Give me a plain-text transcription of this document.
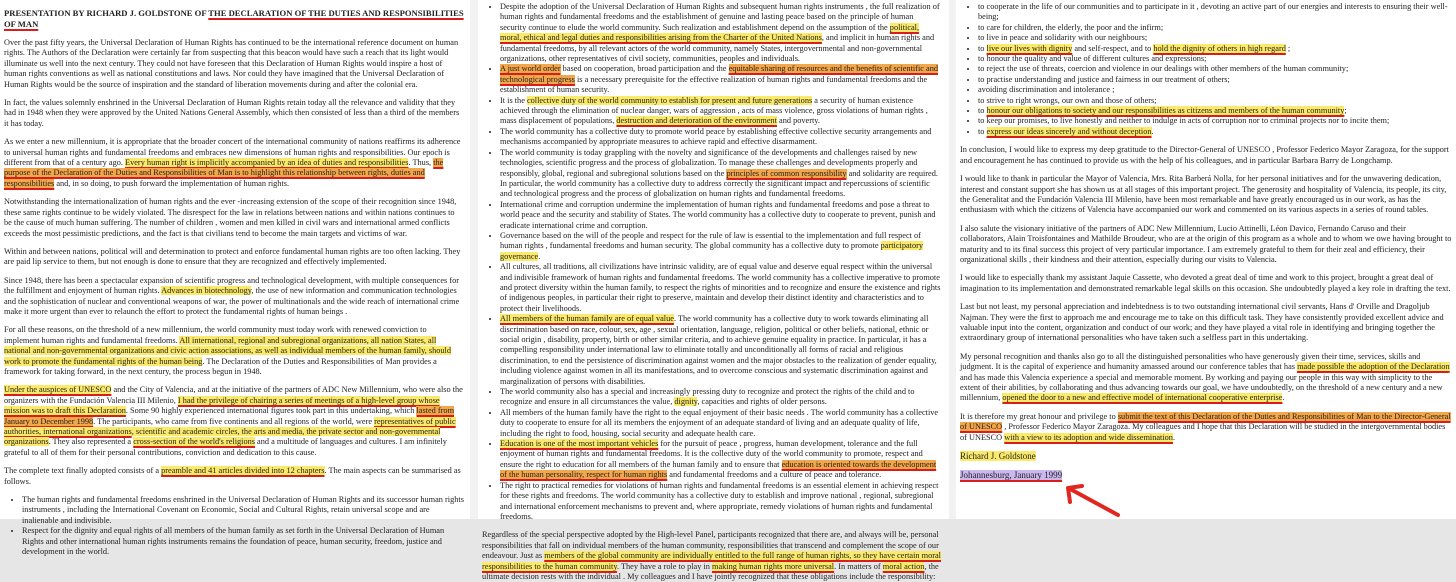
PRESENTATION BY RICHARD J. GOLDSTONE OF THE DECLARATION OF THE DUTIES AND RESPONSIBILITIES OF MAN

Over the past fifty years, the Universal Declaration of Human Rights has continued to be the international reference document on human rights. The Authors of the Declaration were certainly far from suspecting that this beacon would have such a reach that its light would illuminate us well into the next century. They could not have foreseen that this Declaration of Human Rights would inspire a host of human rights conventions as well as national constitutions and laws. Nor could they have imagined that the Universal Declaration of Human Rights would be the source of inspiration and the standard of liberation movements during and after the colonial era.

In fact, the values solemnly enshrined in the Universal Declaration of Human Rights retain today all the relevance and validity that they had in 1948 when they were approved by the United Nations General Assembly, which then consisted of less than a third of the members it has today.

As we enter a new millennium, it is appropriate that the broader concert of the international community of nations reaffirms its adherence to universal human rights and fundamental freedoms and embraces new dimensions of human rights and responsibilities. Our epoch is different from that of a century ago. Every human right is implicitly accompanied by an idea of duties and responsibilities. Thus, the purpose of the Declaration of the Duties and Responsibilities of Man is to highlight this relationship between rights, duties and responsibilities and, in so doing, to push forward the implementation of human rights.

Notwithstanding the internationalization of human rights and the ever -increasing extension of the scope of their recognition since 1948, these same rights continue to be widely violated. The disrespect for the law in relations between nations and within nations continues to be the cause of much human suffering. The number of children , women and men killed in civil wars and international armed conflicts exceeds the most pessimistic predictions, and the fact is that civilians tend to become the main targets and victims of war.

Within and between nations, political will and determination to protect and enforce fundamental human rights are too often lacking. They are paid lip service to them, but not enough is done to ensure that they are recognized and effectively implemented.

Since 1948, there has been a spectacular expansion of scientific progress and technological development, with multiple consequences for the fulfillment and enjoyment of human rights. Advances in biotechnology, the use of new information and communication technologies and the sophistication of nuclear and conventional weapons of war, the power of multinationals and the wide reach of international crime make it more urgent than ever to relaunch the effort to protect the fundamental rights of human beings .

For all these reasons, on the threshold of a new millennium, the world community must today work with renewed conviction to implement human rights and fundamental freedoms. All international, regional and subregional organizations, all nation States, all national and non-governmental organizations and civic action associations, as well as individual members of the human family, should work to promote the fundamental rights of the human being. The Declaration of the Duties and Responsibilities of Man provides a framework for taking forward, in the next century, the process begun in 1948.

Under the auspices of UNESCO and the City of Valencia, and at the initiative of the partners of ADC New Millennium, who were also the organizers with the Fundación Valencia III Milenio, I had the privilege of chairing a series of meetings of a high-level group whose mission was to draft this Declaration. Some 90 highly experienced international figures took part in this undertaking, which lasted from January to December 1998. The participants, who came from five continents and all regions of the world, were representatives of public authorities, international organizations, scientific and academic circles, the arts and media, the private sector and non-governmental organizations. They also represented a cross-section of the world's religions and a multitude of languages and cultures. I am infinitely grateful to all of them for their personal contributions, conviction and dedication to this cause.

The complete text finally adopted consists of a preamble and 41 articles divided into 12 chapters. The main aspects can be summarised as follows.

• The human rights and fundamental freedoms enshrined in the Universal Declaration of Human Rights and its successor human rights instruments , including the International Covenant on Economic, Social and Cultural Rights, retain universal scope and are inalienable and indivisible.
• Respect for the dignity and equal rights of all members of the human family as set forth in the Universal Declaration of Human Rights and other international human rights instruments remains the foundation of peace, human security, freedom, justice and development in the world.
• Despite the adoption of the Universal Declaration of Human Rights and subsequent human rights instruments , the full realization of human rights and fundamental freedoms and the establishment of genuine and lasting peace based on the principle of human security continue to elude the world community. Such realization and establishment depend on the assumption of the political, moral, ethical and legal duties and responsibilities arising from the Charter of the United Nations, and implicit in human rights and fundamental freedoms, by all relevant actors of the world community, namely States, intergovernmental and non-governmental organizations, other representatives of civil society, communities, peoples and individuals.
• A just world order based on cooperation, broad participation and the equitable sharing of resources and the benefits of scientific and technological progress is a necessary prerequisite for the effective realization of human rights and fundamental freedoms and the establishment of human security.
• It is the collective duty of the world community to establish for present and future generations a security of human existence achieved through the elimination of nuclear danger, wars of aggression , acts of mass violence, gross violations of human rights , mass displacement of populations, destruction and deterioration of the environment and poverty.
• The world community has a collective duty to promote world peace by establishing effective collective security arrangements and mechanisms accompanied by appropriate measures to achieve rapid and effective disarmament.
• The world community is today grappling with the novelty and significance of the developments and challenges raised by new technologies, scientific progress and the process of globalization. To manage these challenges and developments properly and responsibly, global, regional and subregional solutions based on the principles of common responsibility and solidarity are required. In particular, the world community has a collective duty to address correctly the significant impact and repercussions of scientific and technological progress and the process of globalization on human rights and fundamental freedoms.
• International crime and corruption undermine the implementation of human rights and fundamental freedoms and pose a threat to world peace and the security and stability of States. The world community has a collective duty to cooperate to prevent, punish and eradicate international crime and corruption.
• Governance based on the will of the people and respect for the rule of law is essential to the implementation and full respect of human rights , fundamental freedoms and human security. The global community has a collective duty to promote participatory governance.
• All cultures, all traditions, all civilizations have intrinsic validity, are of equal value and deserve equal respect within the universal and indivisible framework of human rights and fundamental freedoms. The world community has a collective imperative to promote and protect diversity within the human family, to respect the rights of minorities and to recognize and ensure the existence and rights of indigenous peoples, in particular their right to preserve, maintain and develop their distinct identity and characteristics and to protect their livelihoods.
• All members of the human family are of equal value. The world community has a collective duty to work towards eliminating all discrimination based on race, colour, sex, age , sexual orientation, language, religion, political or other beliefs, national, ethnic or social origin , disability, property, birth or other similar criteria, and to achieve genuine equality in practice. In particular, it has a compelling responsibility under international law to eliminate totally and unconditionally all forms of racial and religious discrimination, to end the persistence of discrimination against women and the major obstacles to the realization of gender equality, including violence against women in all its manifestations, and to overcome conscious and systematic discrimination against and marginalization of persons with disabilities.
• The world community also has a special and increasingly pressing duty to recognize and protect the rights of the child and to recognize and ensure in all circumstances the value, dignity, capacities and rights of older persons.
• All members of the human family have the right to the equal enjoyment of their basic needs . The world community has a collective duty to cooperate to ensure for all its members the enjoyment of an adequate standard of living and an adequate quality of life, including the right to food, housing, social security and adequate health care.
• Education is one of the most important vehicles for the pursuit of peace , progress, human development, tolerance and the full enjoyment of human rights and fundamental freedoms. It is the collective duty of the world community to promote, respect and ensure the right to education for all members of the human family and to ensure that education is oriented towards the development of the human personality, respect for human rights and fundamental freedoms and a culture of peace and tolerance.
• The right to practical remedies for violations of human rights and fundamental freedoms is an essential element in achieving respect for these rights and freedoms. The world community has a collective duty to establish and improve national , regional, subregional and international enforcement mechanisms to prevent and, where appropriate, remedy violations of human rights and fundamental freedoms.

Regardless of the special perspective adopted by the High-level Panel, participants recognized that there are, and always will be, personal responsibilities that fall on individual members of the human community, responsibilities that transcend and complement the scope of our endeavour. Just as members of the global community are individually entitled to the full range of human rights, so they have certain moral responsibilities to the human community. They have a role to play in making human rights more universal. In matters of moral action, the ultimate decision rests with the individual . My colleagues and I have jointly recognized that these obligations include the responsibility:

• to cooperate in the life of our communities and to participate in it , devoting an active part of our energies and interests to ensuring their well-being;
• to care for children, the elderly, the poor and the infirm;
• to live in peace and solidarity with our neighbours;
• to live our lives with dignity and self-respect, and to hold the dignity of others in high regard ;
• to honour the quality and value of different cultures and expressions;
• to reject the use of threats, coercion and violence in our dealings with other members of the human community;
• to practise understanding and justice and fairness in our treatment of others;
• avoiding discrimination and intolerance ;
• to strive to right wrongs, our own and those of others;
• to honour our obligations to society and our responsibilities as citizens and members of the human community;
• to keep our promises, to live honestly and neither to indulge in acts of corruption nor to criminal projects nor to incite them;
• to express our ideas sincerely and without deception.

In conclusion, I would like to express my deep gratitude to the Director-General of UNESCO , Professor Federico Mayor Zaragoza, for the support and encouragement he has continued to provide us with the help of his colleagues, and in particular Barbara Barry de Longchamp.

I would like to thank in particular the Mayor of Valencia, Mrs. Rita Barberá Nolla, for her personal initiatives and for the unwavering dedication, interest and constant support she has shown us at all stages of this important project. The generosity and hospitality of Valencia, its people, its city, the Generalitat and the Fundación Valencia III Milenio, have been most remarkable and have greatly encouraged us in our work, as has the enthusiasm with which the citizens of Valencia have accompanied our work and commented on its various aspects in a series of round tables.

I also salute the visionary initiative of the partners of ADC New Millennium, Lucio Attinelli, Léon Davico, Fernando Caruso and their collaborators, Alain Troisfontaines and Mathilde Broudeur, who are at the origin of this program as a whole and to whom we owe having brought to maturity and to its final success this project of very particular importance. I am extremely grateful to them for their zeal and efficiency, their organizational skills , their kindness and their attention, especially during our visits to Valencia.

I would like to especially thank my assistant Jaquie Cassette, who devoted a great deal of time and work to this project, brought a great deal of imagination to its implementation and demonstrated remarkable legal skills on this occasion. She undoubtedly played a key role in drafting the text.

Last but not least, my personal appreciation and indebtedness is to two outstanding international civil servants, Hans d' Orville and Dragoljub Najman. They were the first to approach me and encourage me to take on this difficult task. They have consistently provided excellent advice and valuable input into the content, organization and conduct of our work; and they have played a vital role in identifying and bringing together the extraordinary group of international personalities who have taken such a selfless part in this undertaking.

My personal recognition and thanks also go to all the distinguished personalities who have generously given their time, services, skills and judgment. It is the capital of experience and humanity amassed around our conference tables that has made possible the adoption of the Declaration and has made this Valencia experience a special and memorable moment. By working and paying our people in this way with simplicity to the extent of their abilities, by collaborating and thus advancing towards our goal, we have undoubtedly, on the threshold of a new century and a new millennium, opened the door to a new and effective model of international cooperative enterprise.

It is therefore my great honour and privilege to submit the text of this Declaration of the Duties and Responsibilities of Man to the Director-General of UNESCO , Professor Federico Mayor Zaragoza. My colleagues and I hope that this Declaration will be studied in the intergovernmental bodies of UNESCO with a view to its adoption and wide dissemination.

Richard J. Goldstone

Johannesburg, January 1999
